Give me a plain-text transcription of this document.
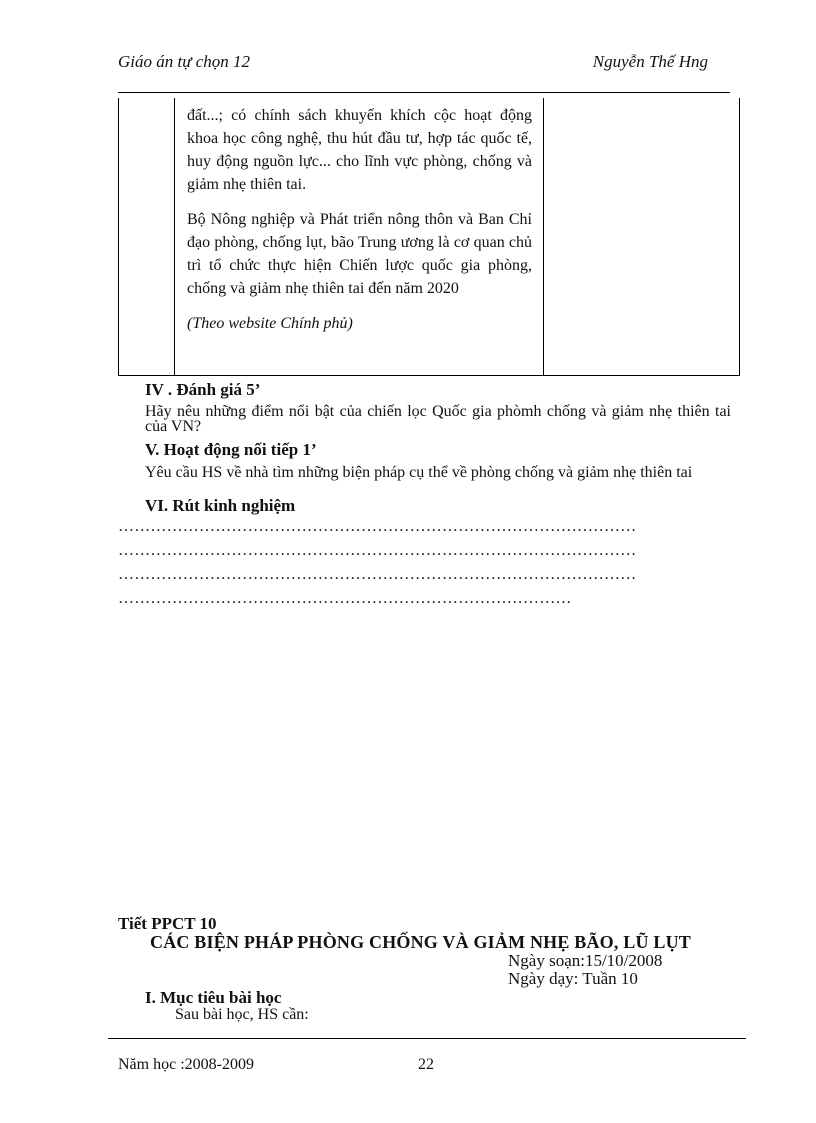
Giáo án tự chọn 12	Nguyễn Thế Hng

đất...; có chính sách khuyến khích cộc hoạt động khoa học công nghệ, thu hút đầu tư, hợp tác quốc tế, huy động nguồn lực... cho lĩnh vực phòng, chống và giảm nhẹ thiên tai.

Bộ Nông nghiệp và Phát triển nông thôn và Ban Chỉ đạo phòng, chống lụt, bão Trung ương là cơ quan chủ trì tổ chức thực hiện Chiến lược quốc gia phòng, chống và giảm nhẹ thiên tai đến năm 2020

(Theo website Chính phủ)

IV . Đánh giá 5’
Hãy nêu những điểm nổi bật của chiến lọc Quốc gia phòmh chống và giảm nhẹ thiên tai của VN?
V. Hoạt động nối tiếp 1’
Yêu cầu HS về nhà tìm những biện pháp cụ thể về phòng chống và giảm nhẹ thiên tai
VI. Rút kinh nghiệm
……………………………………………………………………………………
……………………………………………………………………………………
……………………………………………………………………………………
…………………………………………………………………………
Tiết PPCT 10
CÁC BIỆN PHÁP PHÒNG CHỐNG VÀ GIẢM NHẸ BÃO, LŨ LỤT
Ngày soạn:15/10/2008
Ngày dạy: Tuần 10
I. Mục tiêu bài học
Sau bài học, HS cần:
Năm học :2008-2009	22
